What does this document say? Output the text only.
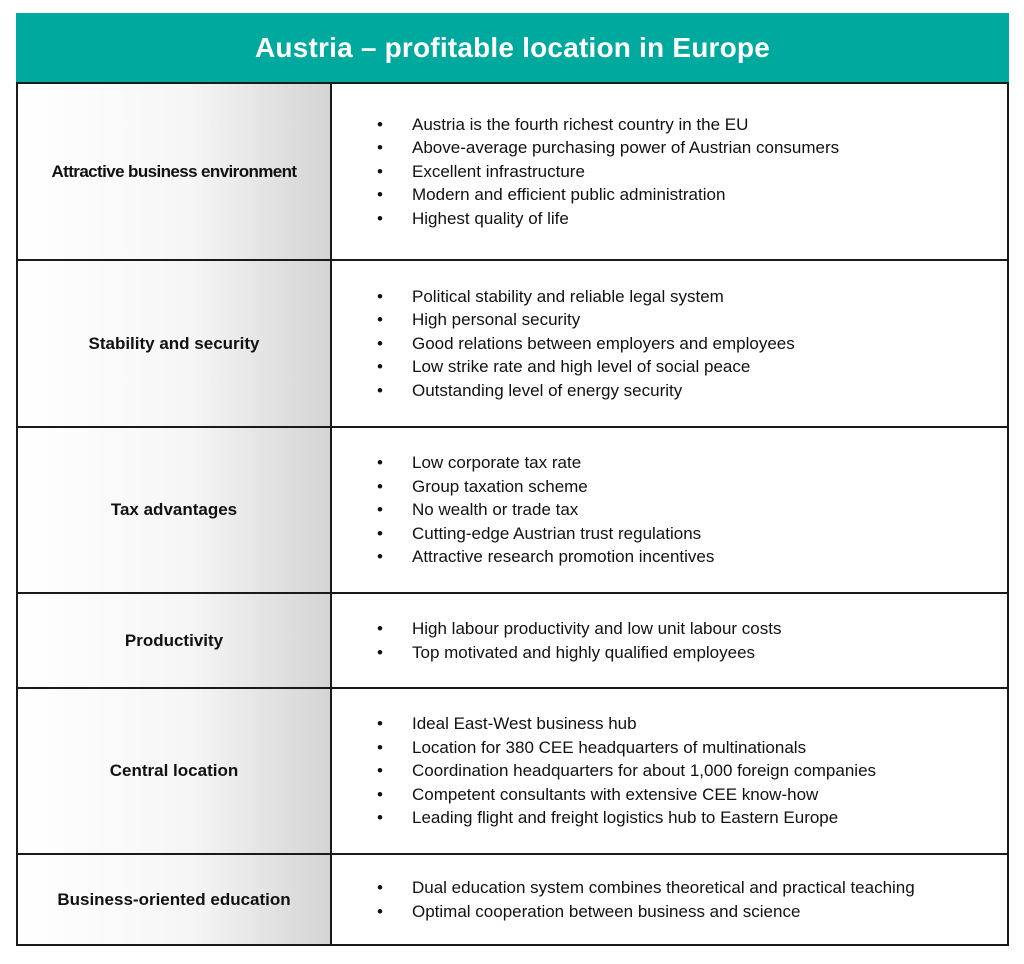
Austria – profitable location in Europe
Attractive business environment
• Austria is the fourth richest country in the EU
• Above-average purchasing power of Austrian consumers
• Excellent infrastructure
• Modern and efficient public administration
• Highest quality of life
Stability and security
• Political stability and reliable legal system
• High personal security
• Good relations between employers and employees
• Low strike rate and high level of social peace
• Outstanding level of energy security
Tax advantages
• Low corporate tax rate
• Group taxation scheme
• No wealth or trade tax
• Cutting-edge Austrian trust regulations
• Attractive research promotion incentives
Productivity
• High labour productivity and low unit labour costs
• Top motivated and highly qualified employees
Central location
• Ideal East-West business hub
• Location for 380 CEE headquarters of multinationals
• Coordination headquarters for about 1,000 foreign companies
• Competent consultants with extensive CEE know-how
• Leading flight and freight logistics hub to Eastern Europe
Business-oriented education
• Dual education system combines theoretical and practical teaching
• Optimal cooperation between business and science
